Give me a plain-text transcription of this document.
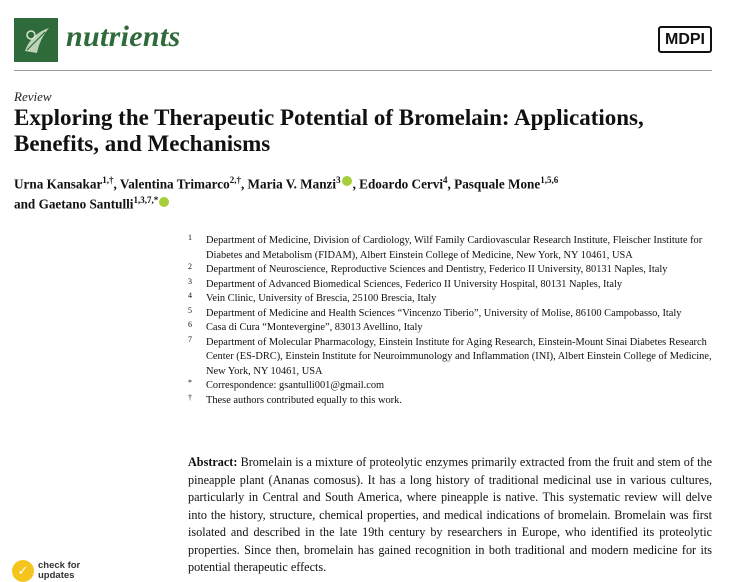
nutrients	MDPI
Review
Exploring the Therapeutic Potential of Bromelain: Applications, Benefits, and Mechanisms
Urna Kansakar$^{1,\dagger}$, Valentina Trimarco$^{2,\dagger}$, Maria V. Manzi$^3$ , Edoardo Cervi$^4$, Pasquale Mone$^{1,5,6}$
and Gaetano Santulli$^{1,3,7,*}$
1 Department of Medicine, Division of Cardiology, Wilf Family Cardiovascular Research Institute, Fleischer Institute for Diabetes and Metabolism (FIDAM), Albert Einstein College of Medicine, New York, NY 10461, USA
2 Department of Neuroscience, Reproductive Sciences and Dentistry, Federico II University, 80131 Naples, Italy
3 Department of Advanced Biomedical Sciences, Federico II University Hospital, 80131 Naples, Italy
4 Vein Clinic, University of Brescia, 25100 Brescia, Italy
5 Department of Medicine and Health Sciences “Vincenzo Tiberio”, University of Molise, 86100 Campobasso, Italy
6 Casa di Cura “Montevergine”, 83013 Avellino, Italy
7 Department of Molecular Pharmacology, Einstein Institute for Aging Research, Einstein-Mount Sinai Diabetes Research Center (ES-DRC), Einstein Institute for Neuroimmunology and Inflammation (INI), Albert Einstein College of Medicine, New York, NY 10461, USA
* Correspondence: gsantulli001@gmail.com
† These authors contributed equally to this work.
Abstract: Bromelain is a mixture of proteolytic enzymes primarily extracted from the fruit and stem of the pineapple plant (Ananas comosus). It has a long history of traditional medicinal use in various cultures, particularly in Central and South America, where pineapple is native. This systematic review will delve into the history, structure, chemical properties, and medical indications of bromelain. Bromelain was first isolated and described in the late 19th century by researchers in Europe, who identified its proteolytic properties. Since then, bromelain has gained recognition in both traditional and modern medicine for its potential therapeutic effects.
✓	check for
updates
